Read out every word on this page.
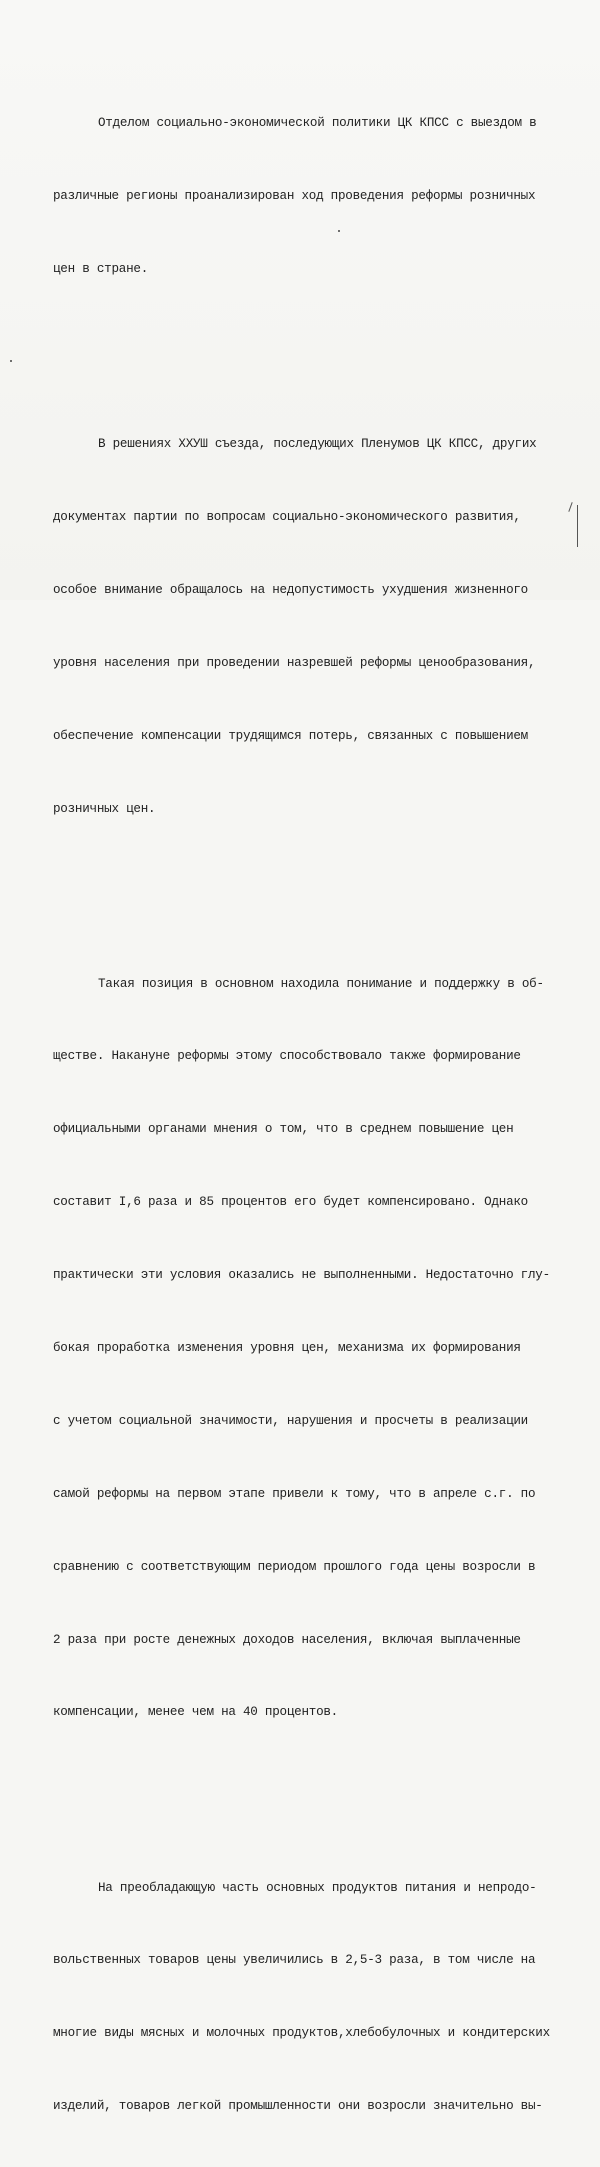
Отделом социально-экономической политики ЦК КПСС с выездом в

различные регионы проанализирован ход проведения реформы розничных

цен в стране.

В решениях ХХУШ съезда, последующих Пленумов ЦК КПСС, других

документах партии по вопросам социально-экономического развития,

особое внимание обращалось на недопустимость ухудшения жизненного

уровня населения при проведении назревшей реформы ценообразования,

обеспечение компенсации трудящимся потерь, связанных с повышением

розничных цен.

Такая позиция в основном находила понимание и поддержку в об-

ществе. Накануне реформы этому способствовало также формирование

официальными органами мнения о том, что в среднем повышение цен

составит I,6 раза и 85 процентов его будет компенсировано. Однако

практически эти условия оказались не выполненными. Недостаточно глу-

бокая проработка изменения уровня цен, механизма их формирования

с учетом социальной значимости, нарушения и просчеты в реализации

самой реформы на первом этапе привели к тому, что в апреле с.г. по

сравнению с соответствующим периодом прошлого года цены возросли в

2 раза при росте денежных доходов населения, включая выплаченные

компенсации, менее чем на 40 процентов.

На преобладающую часть основных продуктов питания и непродо-

вольственных товаров цены увеличились в 2,5-3 раза, в том числе на

многие виды мясных и молочных продуктов,хлебобулочных и кондитерских

изделий, товаров легкой промышленности они возросли значительно вы-
